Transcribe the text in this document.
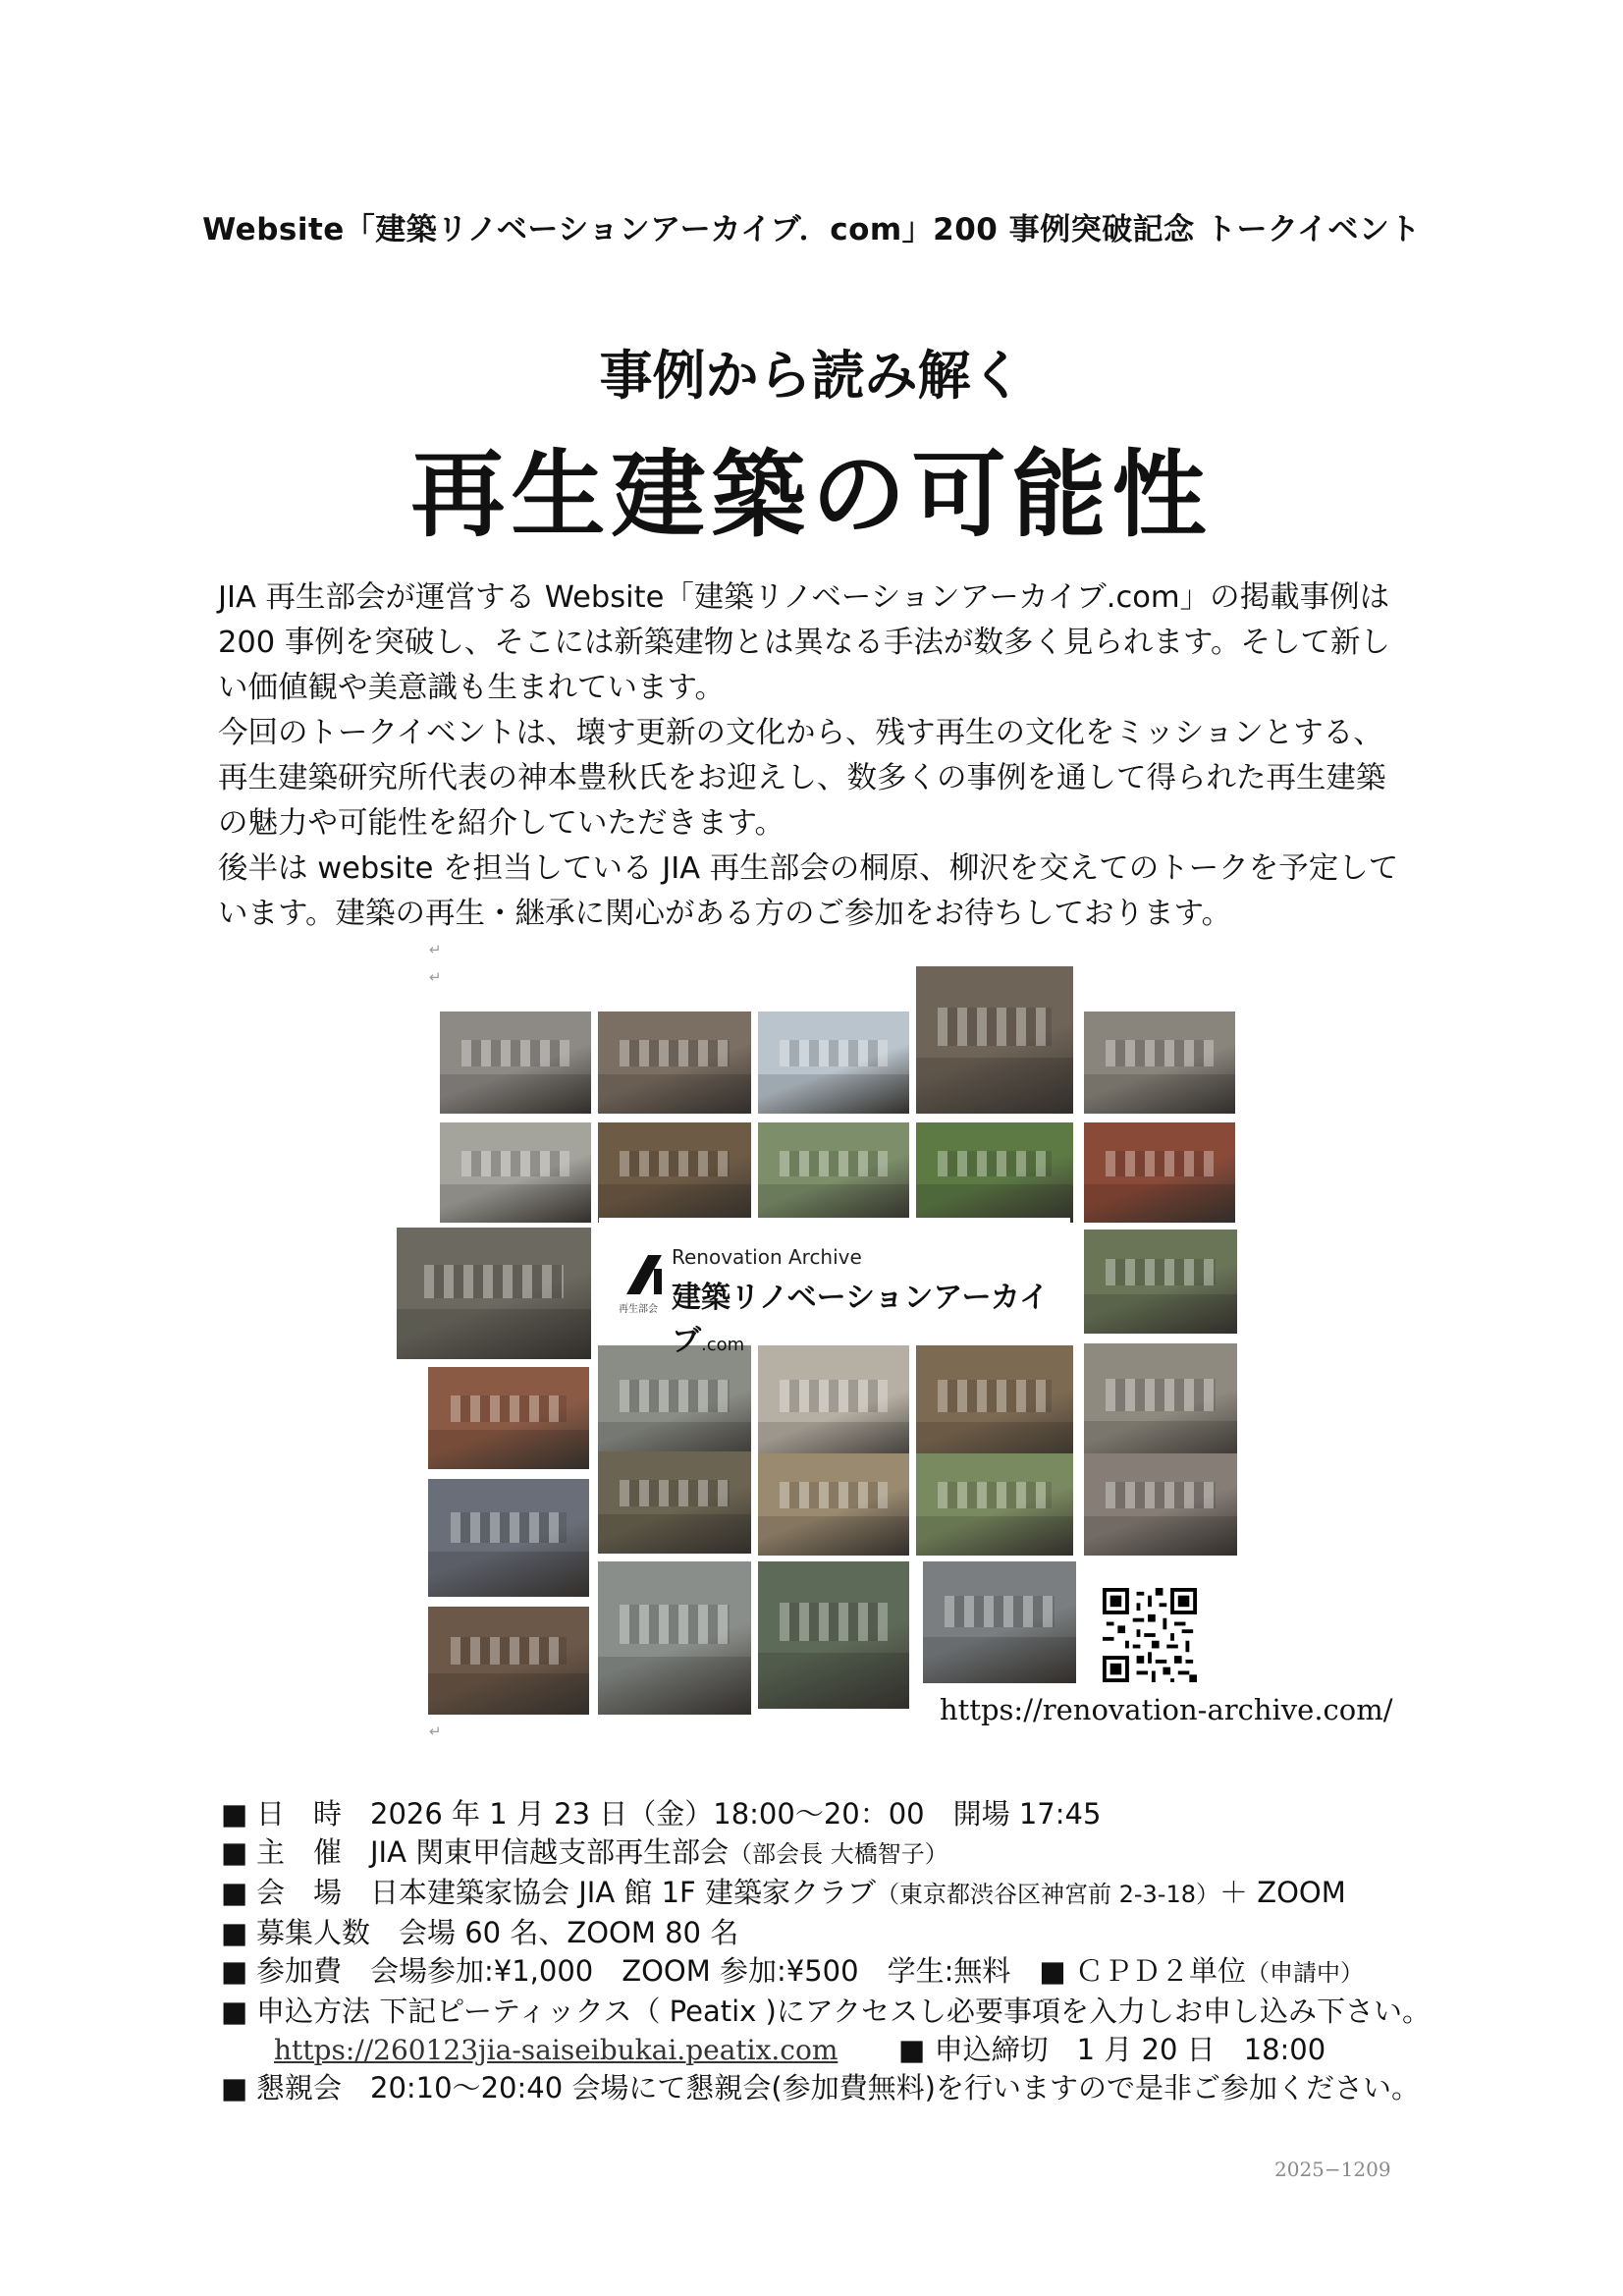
Website「建築リノベーションアーカイブ．com」200 事例突破記念 トークイベント
事例から読み解く
再生建築の可能性

JIA 再生部会が運営する Website「建築リノベーションアーカイブ.com」の掲載事例は

200 事例を突破し、そこには新築建物とは異なる手法が数多く見られます。そして新し

い価値観や美意識も生まれています。

今回のトークイベントは、壊す更新の文化から、残す再生の文化をミッションとする、

再生建築研究所代表の神本豊秋氏をお迎えし、数多くの事例を通して得られた再生建築

の魅力や可能性を紹介していただきます。

後半は website を担当している JIA 再生部会の桐原、柳沢を交えてのトークを予定して

います。建築の再生・継承に関心がある方のご参加をお待ちしております。

↵
↵
Renovation Archive
建築リノベーションアーカイブ.com
再生部会
https://renovation-archive.com/
↵
■ 日　時　2026 年 1 月 23 日（金）18:00〜20：00　開場 17:45
■ 主　催　JIA 関東甲信越支部再生部会（部会長 大橋智子）
■ 会　場　日本建築家協会 JIA 館 1F 建築家クラブ（東京都渋谷区神宮前 2-3-18）＋ ZOOM
■ 募集人数　会場 60 名、ZOOM 80 名
■ 参加費　会場参加:¥1,000　ZOOM 参加:¥500　学生:無料　■ ＣＰＤ２単位（申請中）
■ 申込方法 下記ピーティックス（ Peatix )にアクセスし必要事項を入力しお申し込み下さい。
https://260123jia-saiseibukai.peatix.com ■ 申込締切　1 月 20 日　18:00
■ 懇親会　20:10〜20:40 会場にて懇親会(参加費無料)を行いますので是非ご参加ください。
2025−1209
